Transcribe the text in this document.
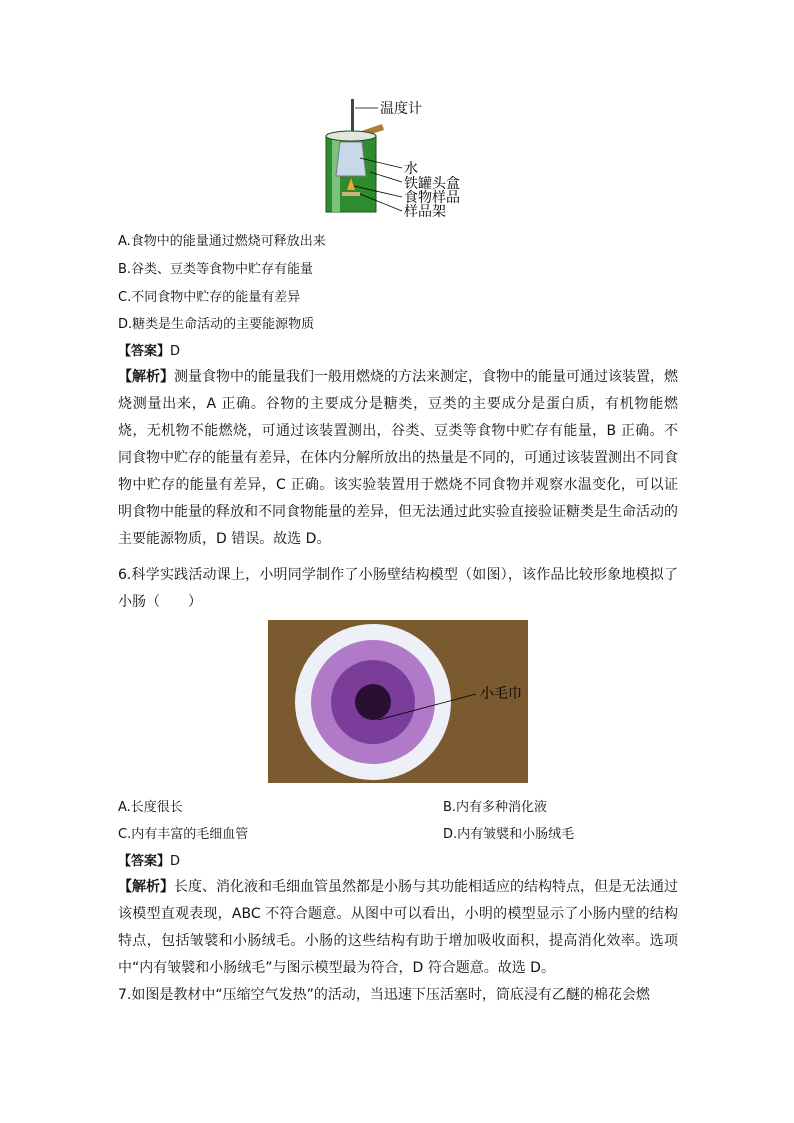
温度计
水
铁罐头盒
食物样品
样品架
A.食物中的能量通过燃烧可释放出来
B.谷类、豆类等食物中贮存有能量
C.不同食物中贮存的能量有差异
D.糖类是生命活动的主要能源物质
【答案】D
【解析】测量食物中的能量我们一般用燃烧的方法来测定，食物中的能量可通过该装置，燃烧测量出来，A 正确。谷物的主要成分是糖类，豆类的主要成分是蛋白质，有机物能燃烧，无机物不能燃烧，可通过该装置测出，谷类、豆类等食物中贮存有能量，B 正确。不同食物中贮存的能量有差异，在体内分解所放出的热量是不同的，可通过该装置测出不同食物中贮存的能量有差异，C 正确。该实验装置用于燃烧不同食物并观察水温变化，可以证明食物中能量的释放和不同食物能量的差异，但无法通过此实验直接验证糖类是生命活动的主要能源物质，D 错误。故选 D。
6.科学实践活动课上，小明同学制作了小肠壁结构模型（如图），该作品比较形象地模拟了小肠（　　）
小毛巾
A.长度很长	B.内有多种消化液
C.内有丰富的毛细血管	D.内有皱襞和小肠绒毛
【答案】D
【解析】长度、消化液和毛细血管虽然都是小肠与其功能相适应的结构特点，但是无法通过该模型直观表现，ABC 不符合题意。从图中可以看出，小明的模型显示了小肠内壁的结构特点，包括皱襞和小肠绒毛。小肠的这些结构有助于增加吸收面积，提高消化效率。选项中“内有皱襞和小肠绒毛”与图示模型最为符合，D 符合题意。故选 D。
7.如图是教材中“压缩空气发热”的活动，当迅速下压活塞时，筒底浸有乙醚的棉花会燃
